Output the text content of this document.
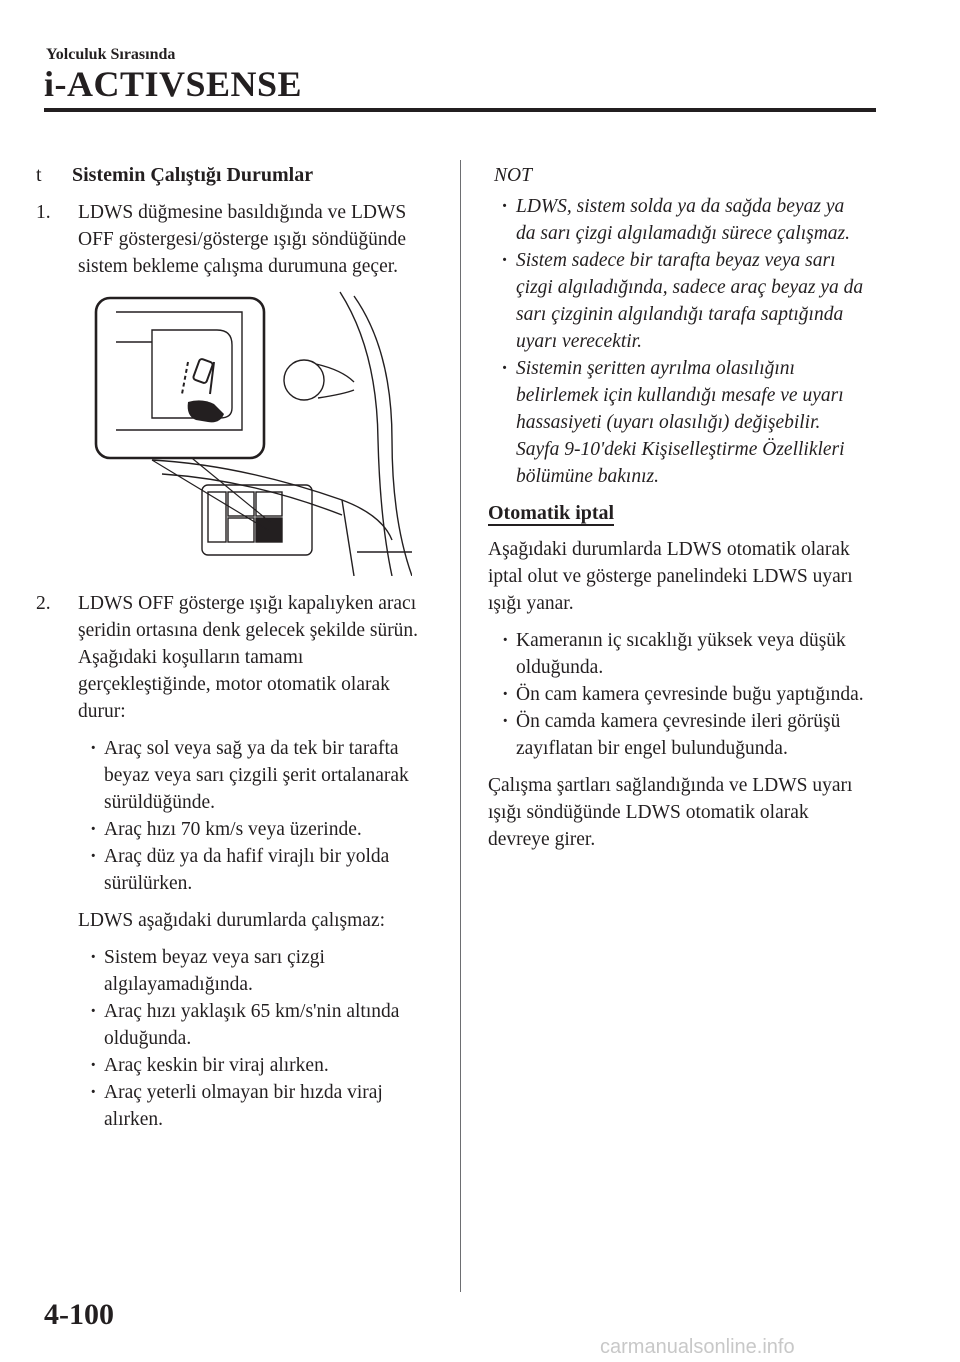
Yolculuk Sırasında
i-ACTIVSENSE
t Sistemin Çalıştığı Durumlar
1. LDWS düğmesine basıldığında ve LDWS OFF göstergesi/gösterge ışığı söndüğünde sistem bekleme çalışma durumuna geçer.
2. LDWS OFF gösterge ışığı kapalıyken aracı şeridin ortasına denk gelecek şekilde sürün. Aşağıdaki koşulların tamamı gerçekleştiğinde, motor otomatik olarak durur:
· Araç sol veya sağ ya da tek bir tarafta beyaz veya sarı çizgili şerit ortalanarak sürüldüğünde.
· Araç hızı 70 km/s veya üzerinde.
· Araç düz ya da hafif virajlı bir yolda sürülürken.
LDWS aşağıdaki durumlarda çalışmaz:
· Sistem beyaz veya sarı çizgi algılayamadığında.
· Araç hızı yaklaşık 65 km/s'nin altında olduğunda.
· Araç keskin bir viraj alırken.
· Araç yeterli olmayan bir hızda viraj alırken.
NOT
· LDWS, sistem solda ya da sağda beyaz ya da sarı çizgi algılamadığı sürece çalışmaz.
· Sistem sadece bir tarafta beyaz veya sarı çizgi algıladığında, sadece araç beyaz ya da sarı çizginin algılandığı tarafa saptığında uyarı verecektir.
· Sistemin şeritten ayrılma olasılığını belirlemek için kullandığı mesafe ve uyarı hassasiyeti (uyarı olasılığı) değişebilir.
Sayfa 9-10'deki Kişiselleştirme Özellikleri bölümüne bakınız.
Otomatik iptal
Aşağıdaki durumlarda LDWS otomatik olarak iptal olut ve gösterge panelindeki LDWS uyarı ışığı yanar.
· Kameranın iç sıcaklığı yüksek veya düşük olduğunda.
· Ön cam kamera çevresinde buğu yaptığında.
· Ön camda kamera çevresinde ileri görüşü zayıflatan bir engel bulunduğunda.
Çalışma şartları sağlandığında ve LDWS uyarı ışığı söndüğünde LDWS otomatik olarak devreye girer.
4-100
carmanualsonline.info
